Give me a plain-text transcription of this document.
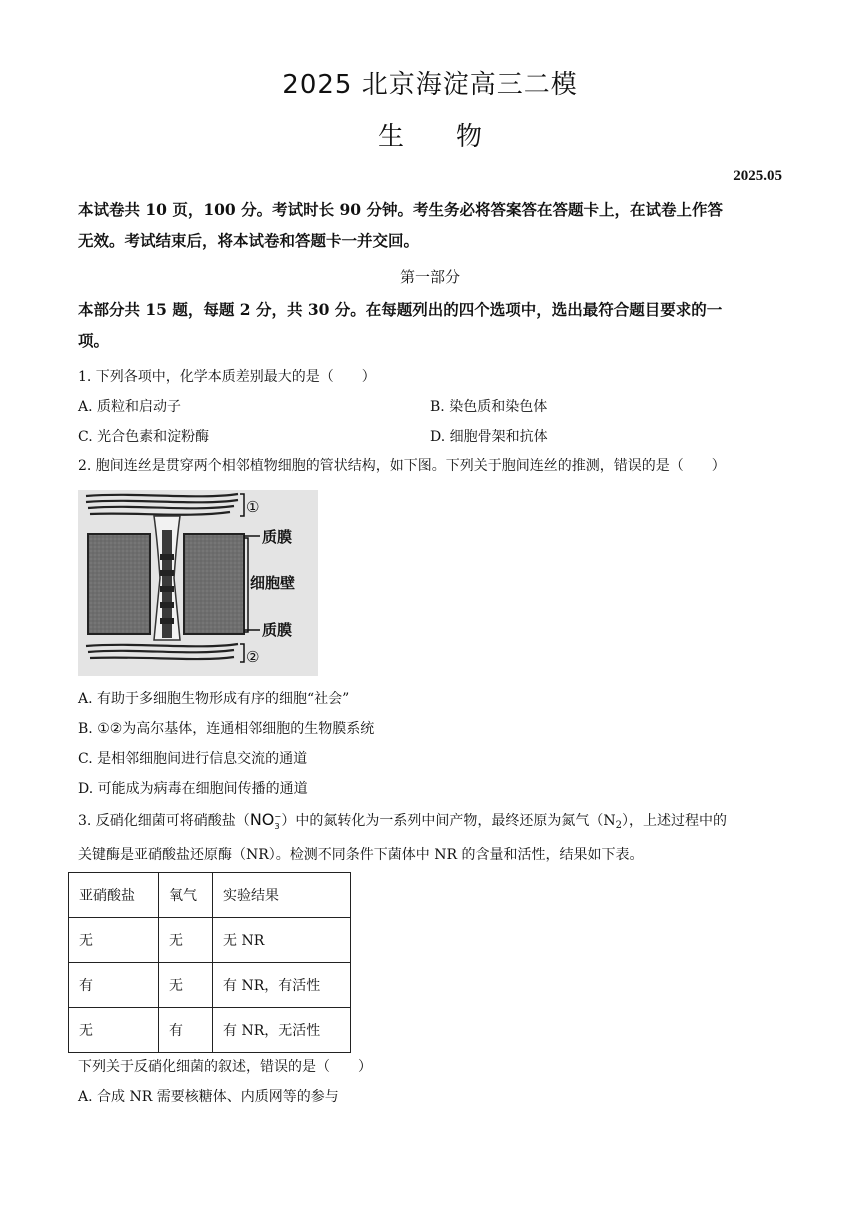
2025 北京海淀高三二模
生物
2025.05
本试卷共 10 页，100 分。考试时长 90 分钟。考生务必将答案答在答题卡上，在试卷上作答
无效。考试结束后，将本试卷和答题卡一并交回。
第一部分
本部分共 15 题，每题 2 分，共 30 分。在每题列出的四个选项中，选出最符合题目要求的一
项。
1. 下列各项中，化学本质差别最大的是（　　）
A. 质粒和启动子	B. 染色质和染色体
C. 光合色素和淀粉酶	D. 细胞骨架和抗体
2. 胞间连丝是贯穿两个相邻植物细胞的管状结构，如下图。下列关于胞间连丝的推测，错误的是（　　）
①
质膜
细胞壁
质膜
②
A. 有助于多细胞生物形成有序的细胞“社会”
B. ①②为高尔基体，连通相邻细胞的生物膜系统
C. 是相邻细胞间进行信息交流的通道
D. 可能成为病毒在细胞间传播的通道
3. 反硝化细菌可将硝酸盐（NO −
3 ）中的氮转化为一系列中间产物，最终还原为氮气$(N_2)$，上述过程中的
关键酶是亚硝酸盐还原酶（NR）。检测不同条件下菌体中 NR 的含量和活性，结果如下表。
亚硝酸盐	氧气	实验结果
无	无	无 NR
有	无	有 NR，有活性
无	有	有 NR，无活性
下列关于反硝化细菌的叙述，错误的是（　　）
A. 合成 NR 需要核糖体、内质网等的参与
